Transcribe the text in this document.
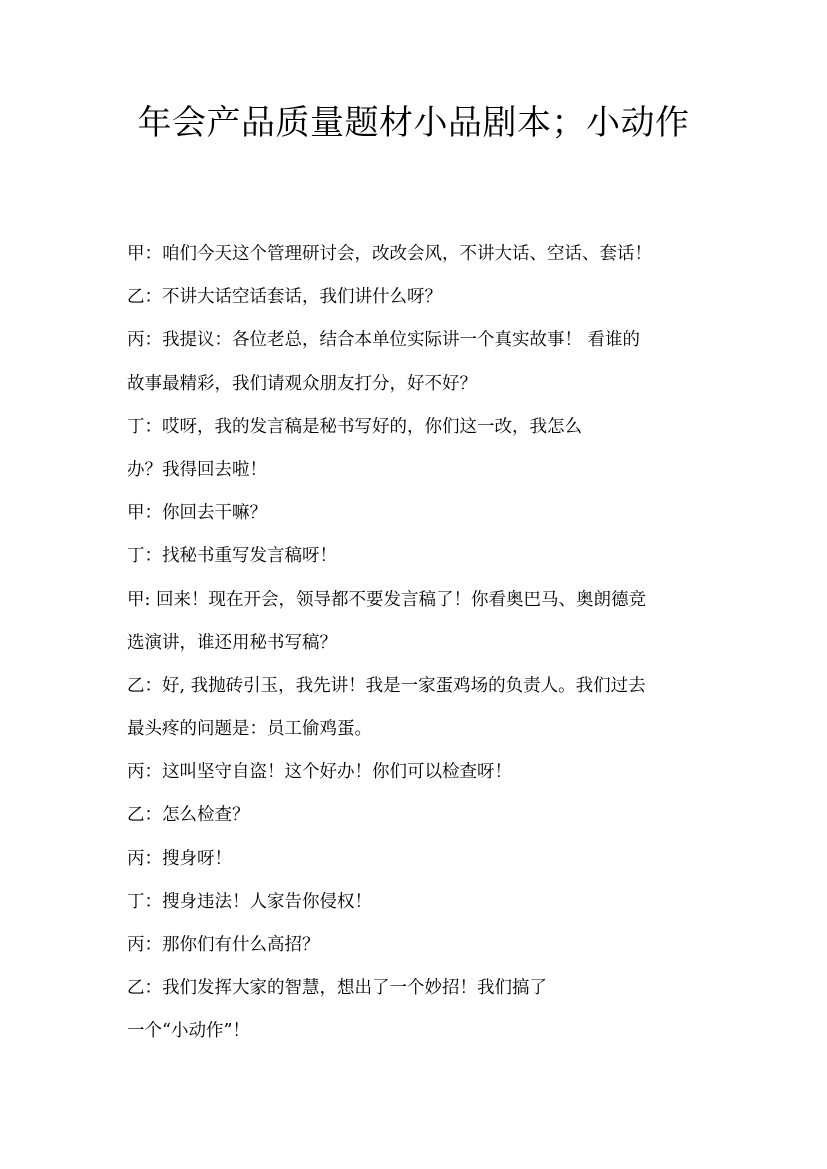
年会产品质量题材小品剧本；小动作

甲：咱们今天这个管理研讨会，改改会风，不讲大话、空话、套话！

乙：不讲大话空话套话，我们讲什么呀？

丙：我提议：各位老总，结合本单位实际讲一个真实故事！ 看谁的

故事最精彩，我们请观众朋友打分，好不好？

丁：哎呀，我的发言稿是秘书写好的，你们这一改，我怎么

办？我得回去啦！

甲：你回去干嘛？

丁：找秘书重写发言稿呀！

甲: 回来！现在开会，领导都不要发言稿了！你看奥巴马、奥朗德竞

选演讲，谁还用秘书写稿？

乙：好, 我抛砖引玉，我先讲！我是一家蛋鸡场的负责人。我们过去

最头疼的问题是：员工偷鸡蛋。

丙：这叫坚守自盗！这个好办！你们可以检查呀！

乙：怎么检查？

丙：搜身呀！

丁：搜身违法！人家告你侵权！

丙：那你们有什么高招？

乙：我们发挥大家的智慧，想出了一个妙招！我们搞了

一个“小动作”！
